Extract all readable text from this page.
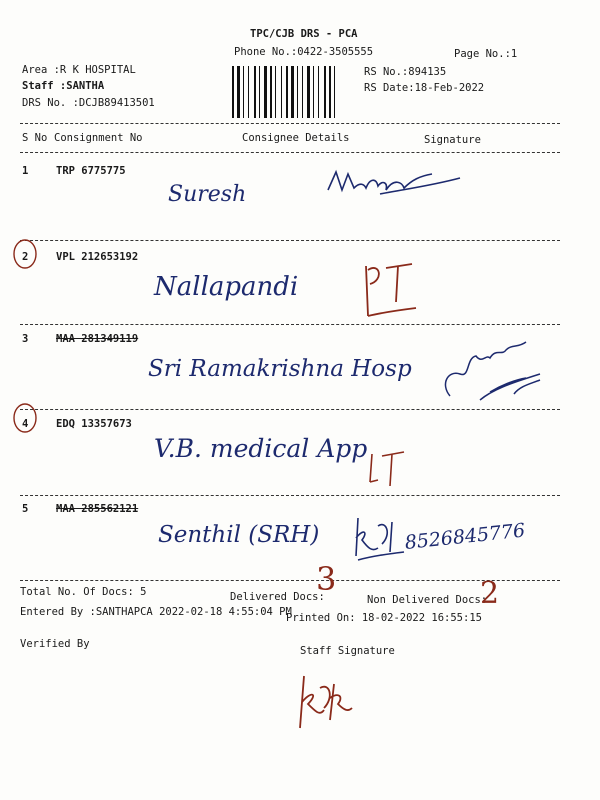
TPC/CJB DRS - PCA
Phone No.:0422-3505555	Page No.:1
Area :R K HOSPITAL
Staff :SANTHA
DRS No. :DCJB89413501
RS No.:894135
RS Date:18-Feb-2022
S No Consignment No	Consignee Details	Signature
1	TRP 6775775
Suresh
2	VPL 212653192
Nallapandi
3	MAA 281349119
Sri Ramakrishna Hosp
4	EDQ 13357673
V.B. medical App
5	MAA 285562121
Senthil (SRH)	8526845776
Total No. Of Docs: 5	Delivered Docs:
3
Non Delivered Docs:
2
Entered By :SANTHAPCA 2022-02-18 4:55:04 PM
Printed On: 18-02-2022 16:55:15
Verified By
Staff Signature
